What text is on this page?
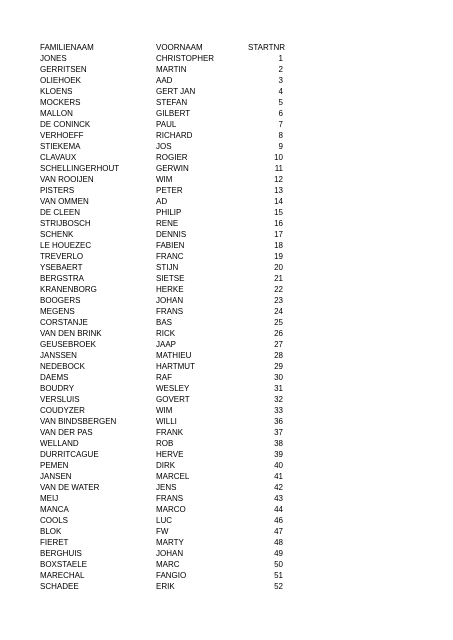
FAMILIENAAM	VOORNAAM	STARTNR
JONES	CHRISTOPHER	1
GERRITSEN	MARTIN	2
OLIEHOEK	AAD	3
KLOENS	GERT JAN	4
MOCKERS	STEFAN	5
MALLON	GILBERT	6
DE CONINCK	PAUL	7
VERHOEFF	RICHARD	8
STIEKEMA	JOS	9
CLAVAUX	ROGIER	10
SCHELLINGERHOUT	GERWIN	11
VAN ROOIJEN	WIM	12
PISTERS	PETER	13
VAN OMMEN	AD	14
DE CLEEN	PHILIP	15
STRIJBOSCH	RENE	16
SCHENK	DENNIS	17
LE HOUEZEC	FABIEN	18
TREVERLO	FRANC	19
YSEBAERT	STIJN	20
BERGSTRA	SIETSE	21
KRANENBORG	HERKE	22
BOOGERS	JOHAN	23
MEGENS	FRANS	24
CORSTANJE	BAS	25
VAN DEN BRINK	RICK	26
GEUSEBROEK	JAAP	27
JANSSEN	MATHIEU	28
NEDEBOCK	HARTMUT	29
DAEMS	RAF	30
BOUDRY	WESLEY	31
VERSLUIS	GOVERT	32
COUDYZER	WIM	33
VAN BINDSBERGEN	WILLI	36
VAN DER PAS	FRANK	37
WELLAND	ROB	38
DURRITCAGUE	HERVE	39
PEMEN	DIRK	40
JANSEN	MARCEL	41
VAN DE WATER	JENS	42
MEIJ	FRANS	43
MANCA	MARCO	44
COOLS	LUC	46
BLOK	FW	47
FIERET	MARTY	48
BERGHUIS	JOHAN	49
BOXSTAELE	MARC	50
MARECHAL	FANGIO	51
SCHADEE	ERIK	52
